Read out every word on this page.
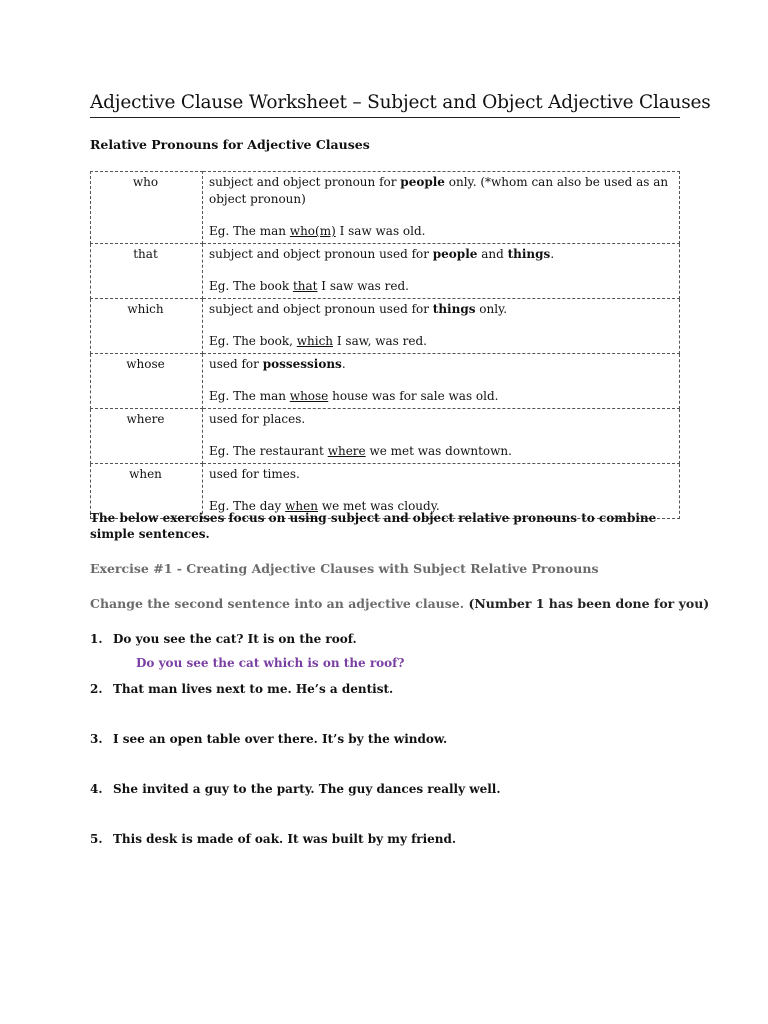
Adjective Clause Worksheet – Subject and Object Adjective Clauses
Relative Pronouns for Adjective Clauses
who	subject and object pronoun for people only. (*whom can also be used as an object pronoun)
Eg. The man who(m) I saw was old.

that	subject and object pronoun used for people and things.
Eg. The book that I saw was red.

which	subject and object pronoun used for things only.
Eg. The book, which I saw, was red.

whose	used for possessions.
Eg. The man whose house was for sale was old.

where	used for places.
Eg. The restaurant where we met was downtown.

when	used for times.
Eg. The day when we met was cloudy.
The below exercises focus on using subject and object relative pronouns to combine simple sentences.
Exercise #1 - Creating Adjective Clauses with Subject Relative Pronouns
Change the second sentence into an adjective clause. (Number 1 has been done for you)
1. Do you see the cat? It is on the roof.
Do you see the cat which is on the roof?
2. That man lives next to me. He’s a dentist.
3. I see an open table over there. It’s by the window.
4. She invited a guy to the party. The guy dances really well.
5. This desk is made of oak. It was built by my friend.
